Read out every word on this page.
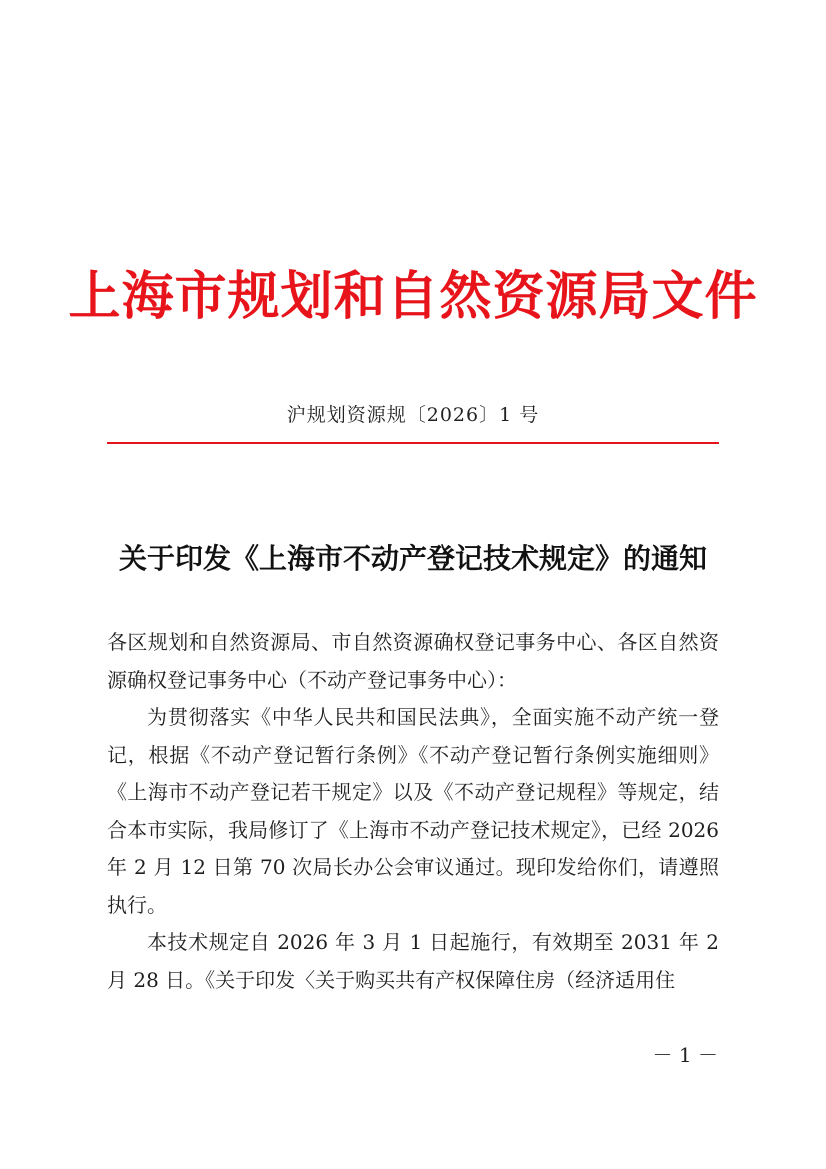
上海市规划和自然资源局文件
沪规划资源规〔2026〕1 号
关于印发《上海市不动产登记技术规定》的通知

各区规划和自然资源局、市自然资源确权登记事务中心、各区自然资源确权登记事务中心（不动产登记事务中心）：

为贯彻落实《中华人民共和国民法典》，全面实施不动产统一登记，根据《不动产登记暂行条例》《不动产登记暂行条例实施细则》《上海市不动产登记若干规定》以及《不动产登记规程》等规定，结合本市实际，我局修订了《上海市不动产登记技术规定》，已经 2026 年 2 月 12 日第 70 次局长办公会审议通过。现印发给你们，请遵照执行。

本技术规定自 2026 年 3 月 1 日起施行，有效期至 2031 年 2 月 28 日。《关于印发〈关于购买共有产权保障住房（经济适用住

－ 1 －
